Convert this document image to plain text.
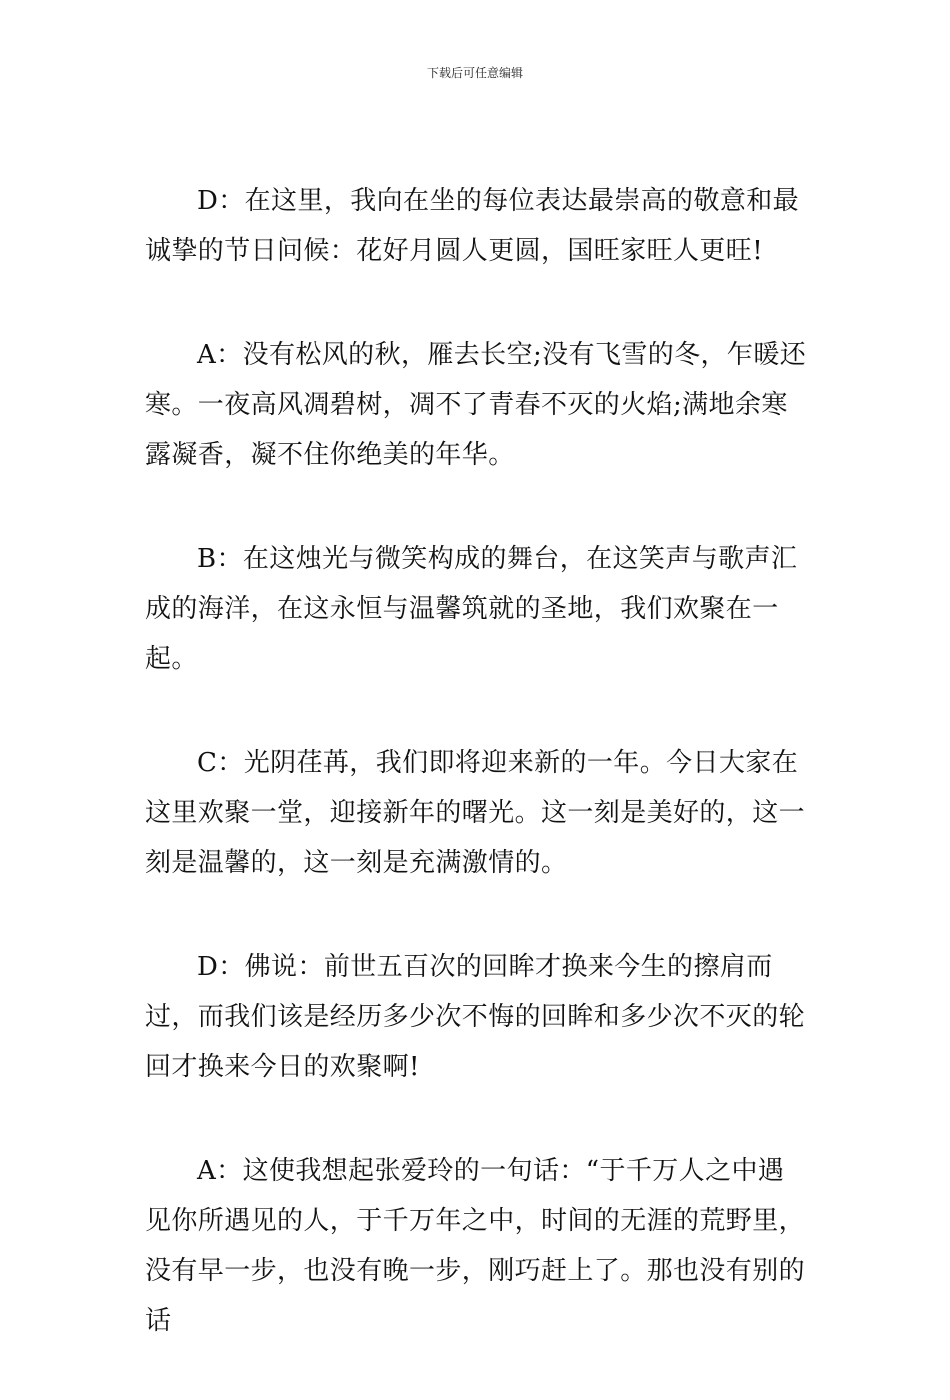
下载后可任意编辑

D：在这里，我向在坐的每位表达最崇高的敬意和最诚挚的节日问候：花好月圆人更圆，国旺家旺人更旺!

A：没有松风的秋，雁去长空;没有飞雪的冬，乍暖还寒。一夜高风凋碧树，凋不了青春不灭的火焰;满地余寒露凝香，凝不住你绝美的年华。

B：在这烛光与微笑构成的舞台，在这笑声与歌声汇成的海洋，在这永恒与温馨筑就的圣地，我们欢聚在一起。

C：光阴荏苒，我们即将迎来新的一年。今日大家在这里欢聚一堂，迎接新年的曙光。这一刻是美好的，这一刻是温馨的，这一刻是充满激情的。

D：佛说：前世五百次的回眸才换来今生的擦肩而过，而我们该是经历多少次不悔的回眸和多少次不灭的轮回才换来今日的欢聚啊!

A：这使我想起张爱玲的一句话：“于千万人之中遇见你所遇见的人，于千万年之中，时间的无涯的荒野里，没有早一步，也没有晚一步，刚巧赶上了。那也没有别的话
